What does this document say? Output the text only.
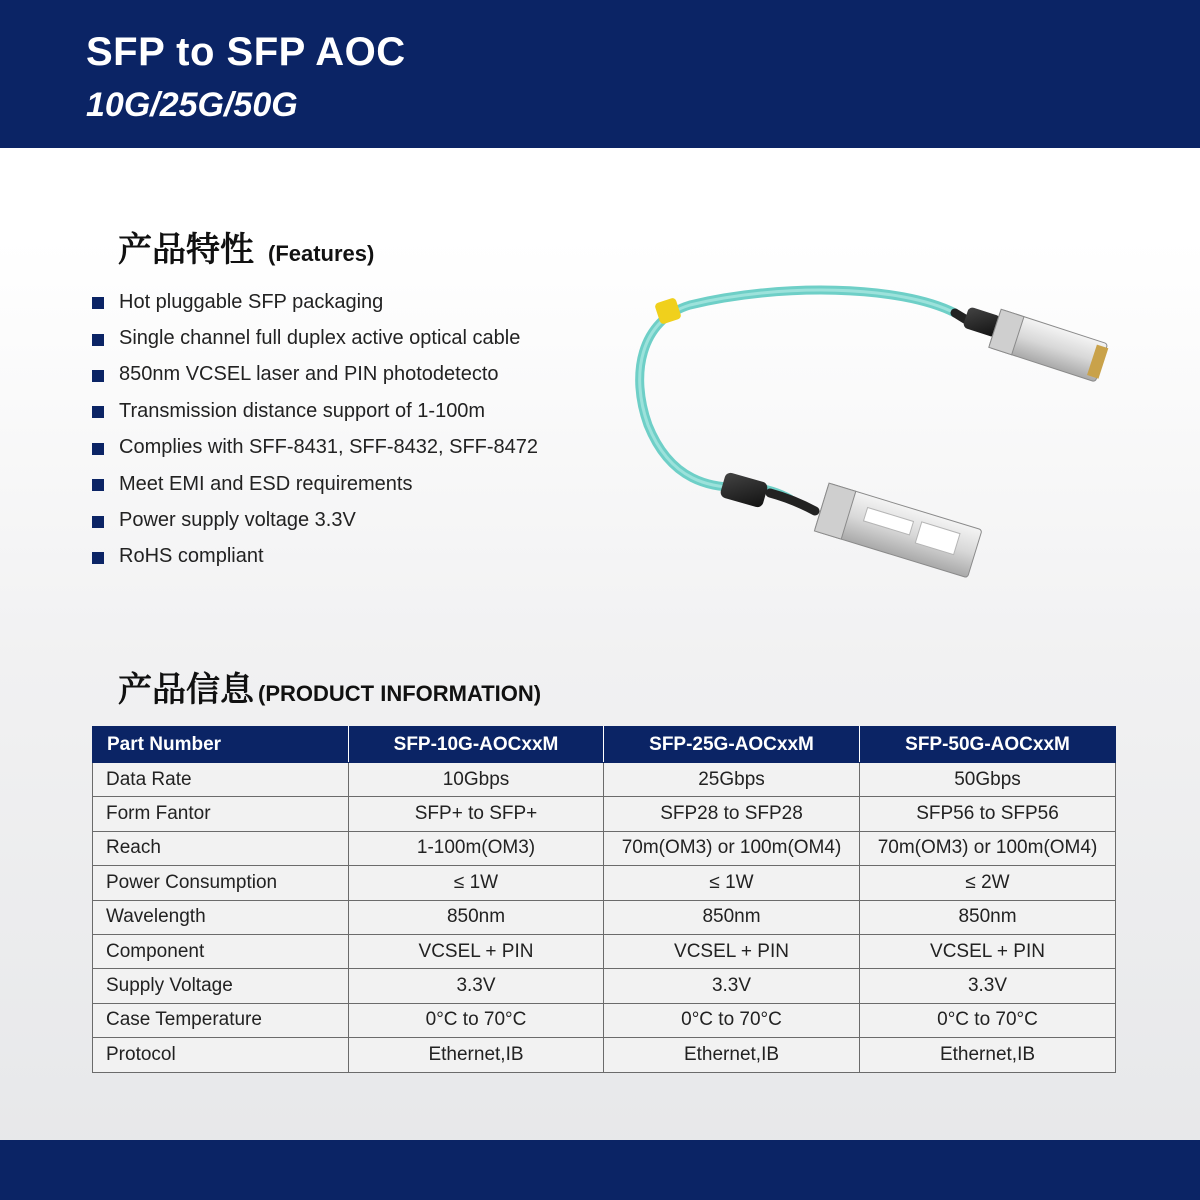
SFP to SFP AOC
10G/25G/50G
产品特性 (Features)
Hot pluggable SFP packaging
Single channel full duplex active optical cable
850nm VCSEL laser and PIN photodetecto
Transmission distance support of 1-100m
Complies with SFF-8431, SFF-8432, SFF-8472
Meet EMI and ESD requirements
Power supply voltage 3.3V
RoHS compliant
产品信息 (PRODUCT INFORMATION)
Part Number	SFP-10G-AOCxxM	SFP-25G-AOCxxM	SFP-50G-AOCxxM
Data Rate	10Gbps	25Gbps	50Gbps
Form Fantor	SFP+ to SFP+	SFP28 to SFP28	SFP56 to SFP56
Reach	1-100m(OM3)	70m(OM3) or 100m(OM4)	70m(OM3) or 100m(OM4)
Power Consumption	≤ 1W	≤ 1W	≤ 2W
Wavelength	850nm	850nm	850nm
Component	VCSEL + PIN	VCSEL + PIN	VCSEL + PIN
Supply Voltage	3.3V	3.3V	3.3V
Case Temperature	0°C to 70°C	0°C to 70°C	0°C to 70°C
Protocol	Ethernet,IB	Ethernet,IB	Ethernet,IB
